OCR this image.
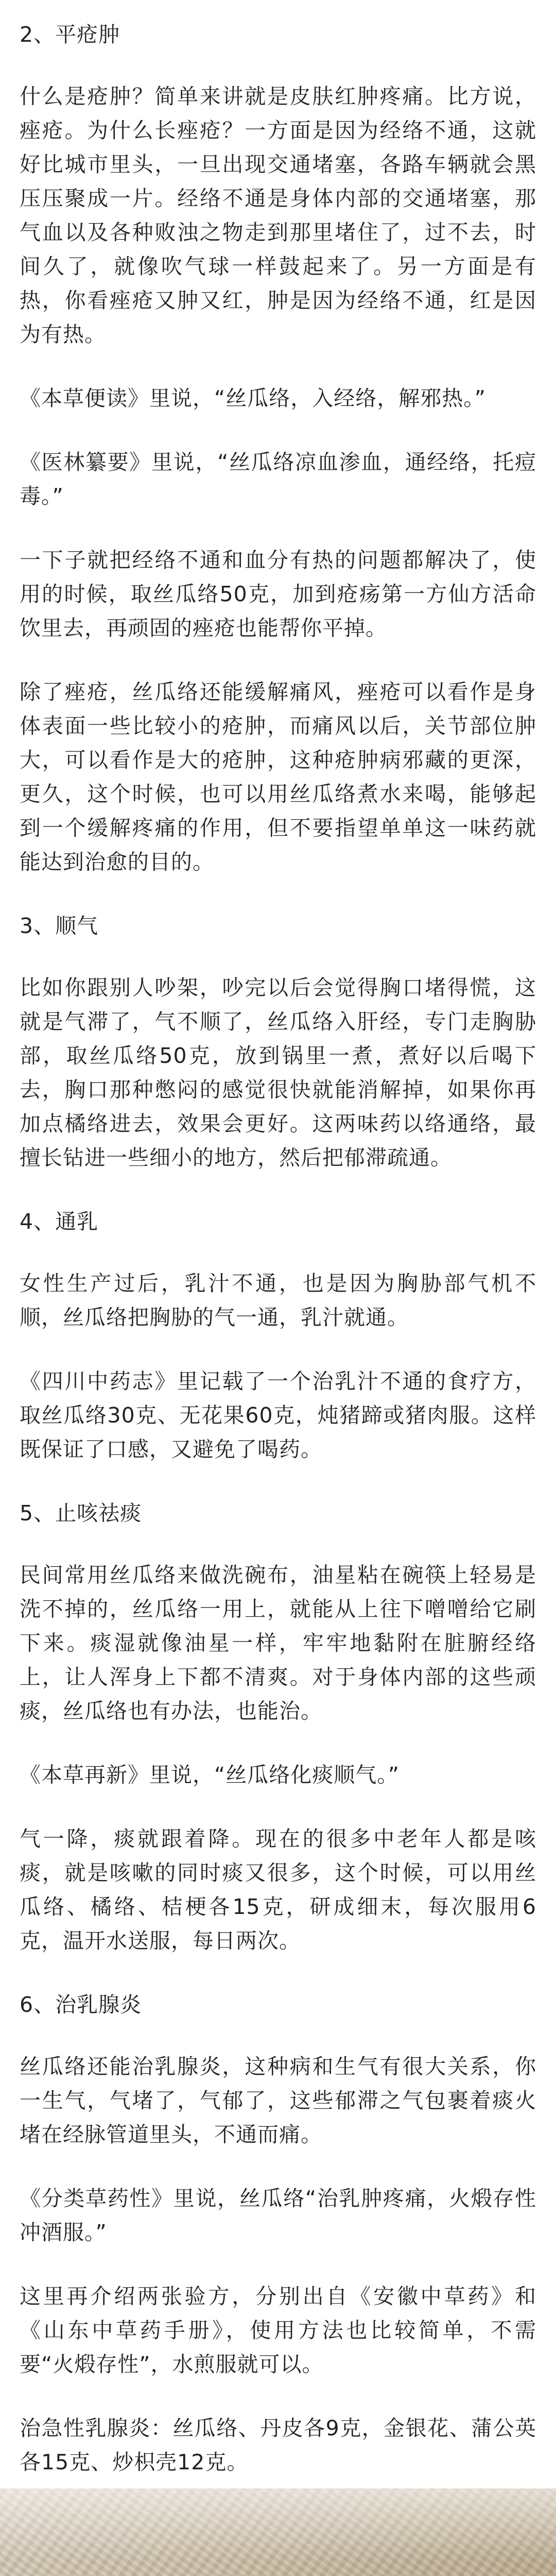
2、平疮肿

什么是疮肿？简单来讲就是皮肤红肿疼痛。比方说，痤疮。为什么长痤疮？一方面是因为经络不通，这就好比城市里头，一旦出现交通堵塞，各路车辆就会黑压压聚成一片。经络不通是身体内部的交通堵塞，那气血以及各种败浊之物走到那里堵住了，过不去，时间久了，就像吹气球一样鼓起来了。另一方面是有热，你看痤疮又肿又红，肿是因为经络不通，红是因为有热。

《本草便读》里说，“丝瓜络，入经络，解邪热。”

《医林纂要》里说，“丝瓜络凉血渗血，通经络，托痘毒。”

一下子就把经络不通和血分有热的问题都解决了，使用的时候，取丝瓜络50克，加到疮疡第一方仙方活命饮里去，再顽固的痤疮也能帮你平掉。

除了痤疮，丝瓜络还能缓解痛风，痤疮可以看作是身体表面一些比较小的疮肿，而痛风以后，关节部位肿大，可以看作是大的疮肿，这种疮肿病邪藏的更深，更久，这个时候，也可以用丝瓜络煮水来喝，能够起到一个缓解疼痛的作用，但不要指望单单这一味药就能达到治愈的目的。

3、顺气

比如你跟别人吵架，吵完以后会觉得胸口堵得慌，这就是气滞了，气不顺了，丝瓜络入肝经，专门走胸胁部，取丝瓜络50克，放到锅里一煮，煮好以后喝下去，胸口那种憋闷的感觉很快就能消解掉，如果你再加点橘络进去，效果会更好。这两味药以络通络，最擅长钻进一些细小的地方，然后把郁滞疏通。

4、通乳

女性生产过后，乳汁不通，也是因为胸胁部气机不顺，丝瓜络把胸胁的气一通，乳汁就通。

《四川中药志》里记载了一个治乳汁不通的食疗方，取丝瓜络30克、无花果60克，炖猪蹄或猪肉服。这样既保证了口感，又避免了喝药。

5、止咳祛痰

民间常用丝瓜络来做洗碗布，油星粘在碗筷上轻易是洗不掉的，丝瓜络一用上，就能从上往下噌噌给它刷下来。痰湿就像油星一样，牢牢地黏附在脏腑经络上，让人浑身上下都不清爽。对于身体内部的这些顽痰，丝瓜络也有办法，也能治。

《本草再新》里说，“丝瓜络化痰顺气。”

气一降，痰就跟着降。现在的很多中老年人都是咳痰，就是咳嗽的同时痰又很多，这个时候，可以用丝瓜络、橘络、桔梗各15克，研成细末，每次服用6克，温开水送服，每日两次。

6、治乳腺炎

丝瓜络还能治乳腺炎，这种病和生气有很大关系，你一生气，气堵了，气郁了，这些郁滞之气包裹着痰火堵在经脉管道里头，不通而痛。

《分类草药性》里说，丝瓜络“治乳肿疼痛，火煅存性冲酒服。”

这里再介绍两张验方，分别出自《安徽中草药》和《山东中草药手册》，使用方法也比较简单，不需要“火煅存性”，水煎服就可以。

治急性乳腺炎：丝瓜络、丹皮各9克，金银花、蒲公英各15克、炒枳壳12克。
